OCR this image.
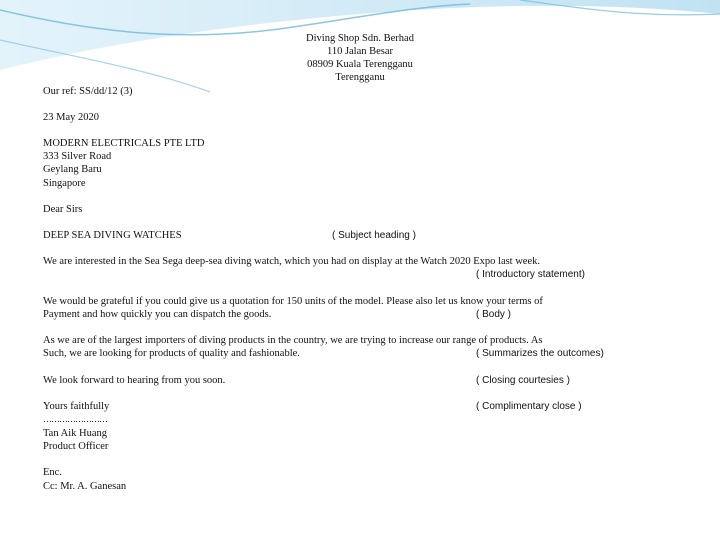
Diving Shop Sdn. Berhad
110 Jalan Besar
08909 Kuala Terengganu
Terengganu
Our ref: SS/dd/12 (3)
23 May 2020
MODERN ELECTRICALS PTE LTD
333 Silver Road
Geylang Baru
Singapore
Dear Sirs
DEEP SEA DIVING WATCHES	( Subject heading )
We are interested in the Sea Sega deep-sea diving watch, which you had on display at the Watch 2020 Expo last week.
( Introductory statement)
We would be grateful if you could give us a quotation for 150 units of the model. Please also let us know your terms of
Payment and how quickly you can dispatch the goods.	( Body )
As we are of the largest importers of diving products in the country, we are trying to increase our range of products. As
Such, we are looking for products of quality and fashionable.	( Summarizes the outcomes)
We look forward to hearing from you soon.	( Closing courtesies )
Yours faithfully	( Complimentary close )
……………………
Tan Aik Huang
Product Officer
Enc.
Cc: Mr. A. Ganesan
